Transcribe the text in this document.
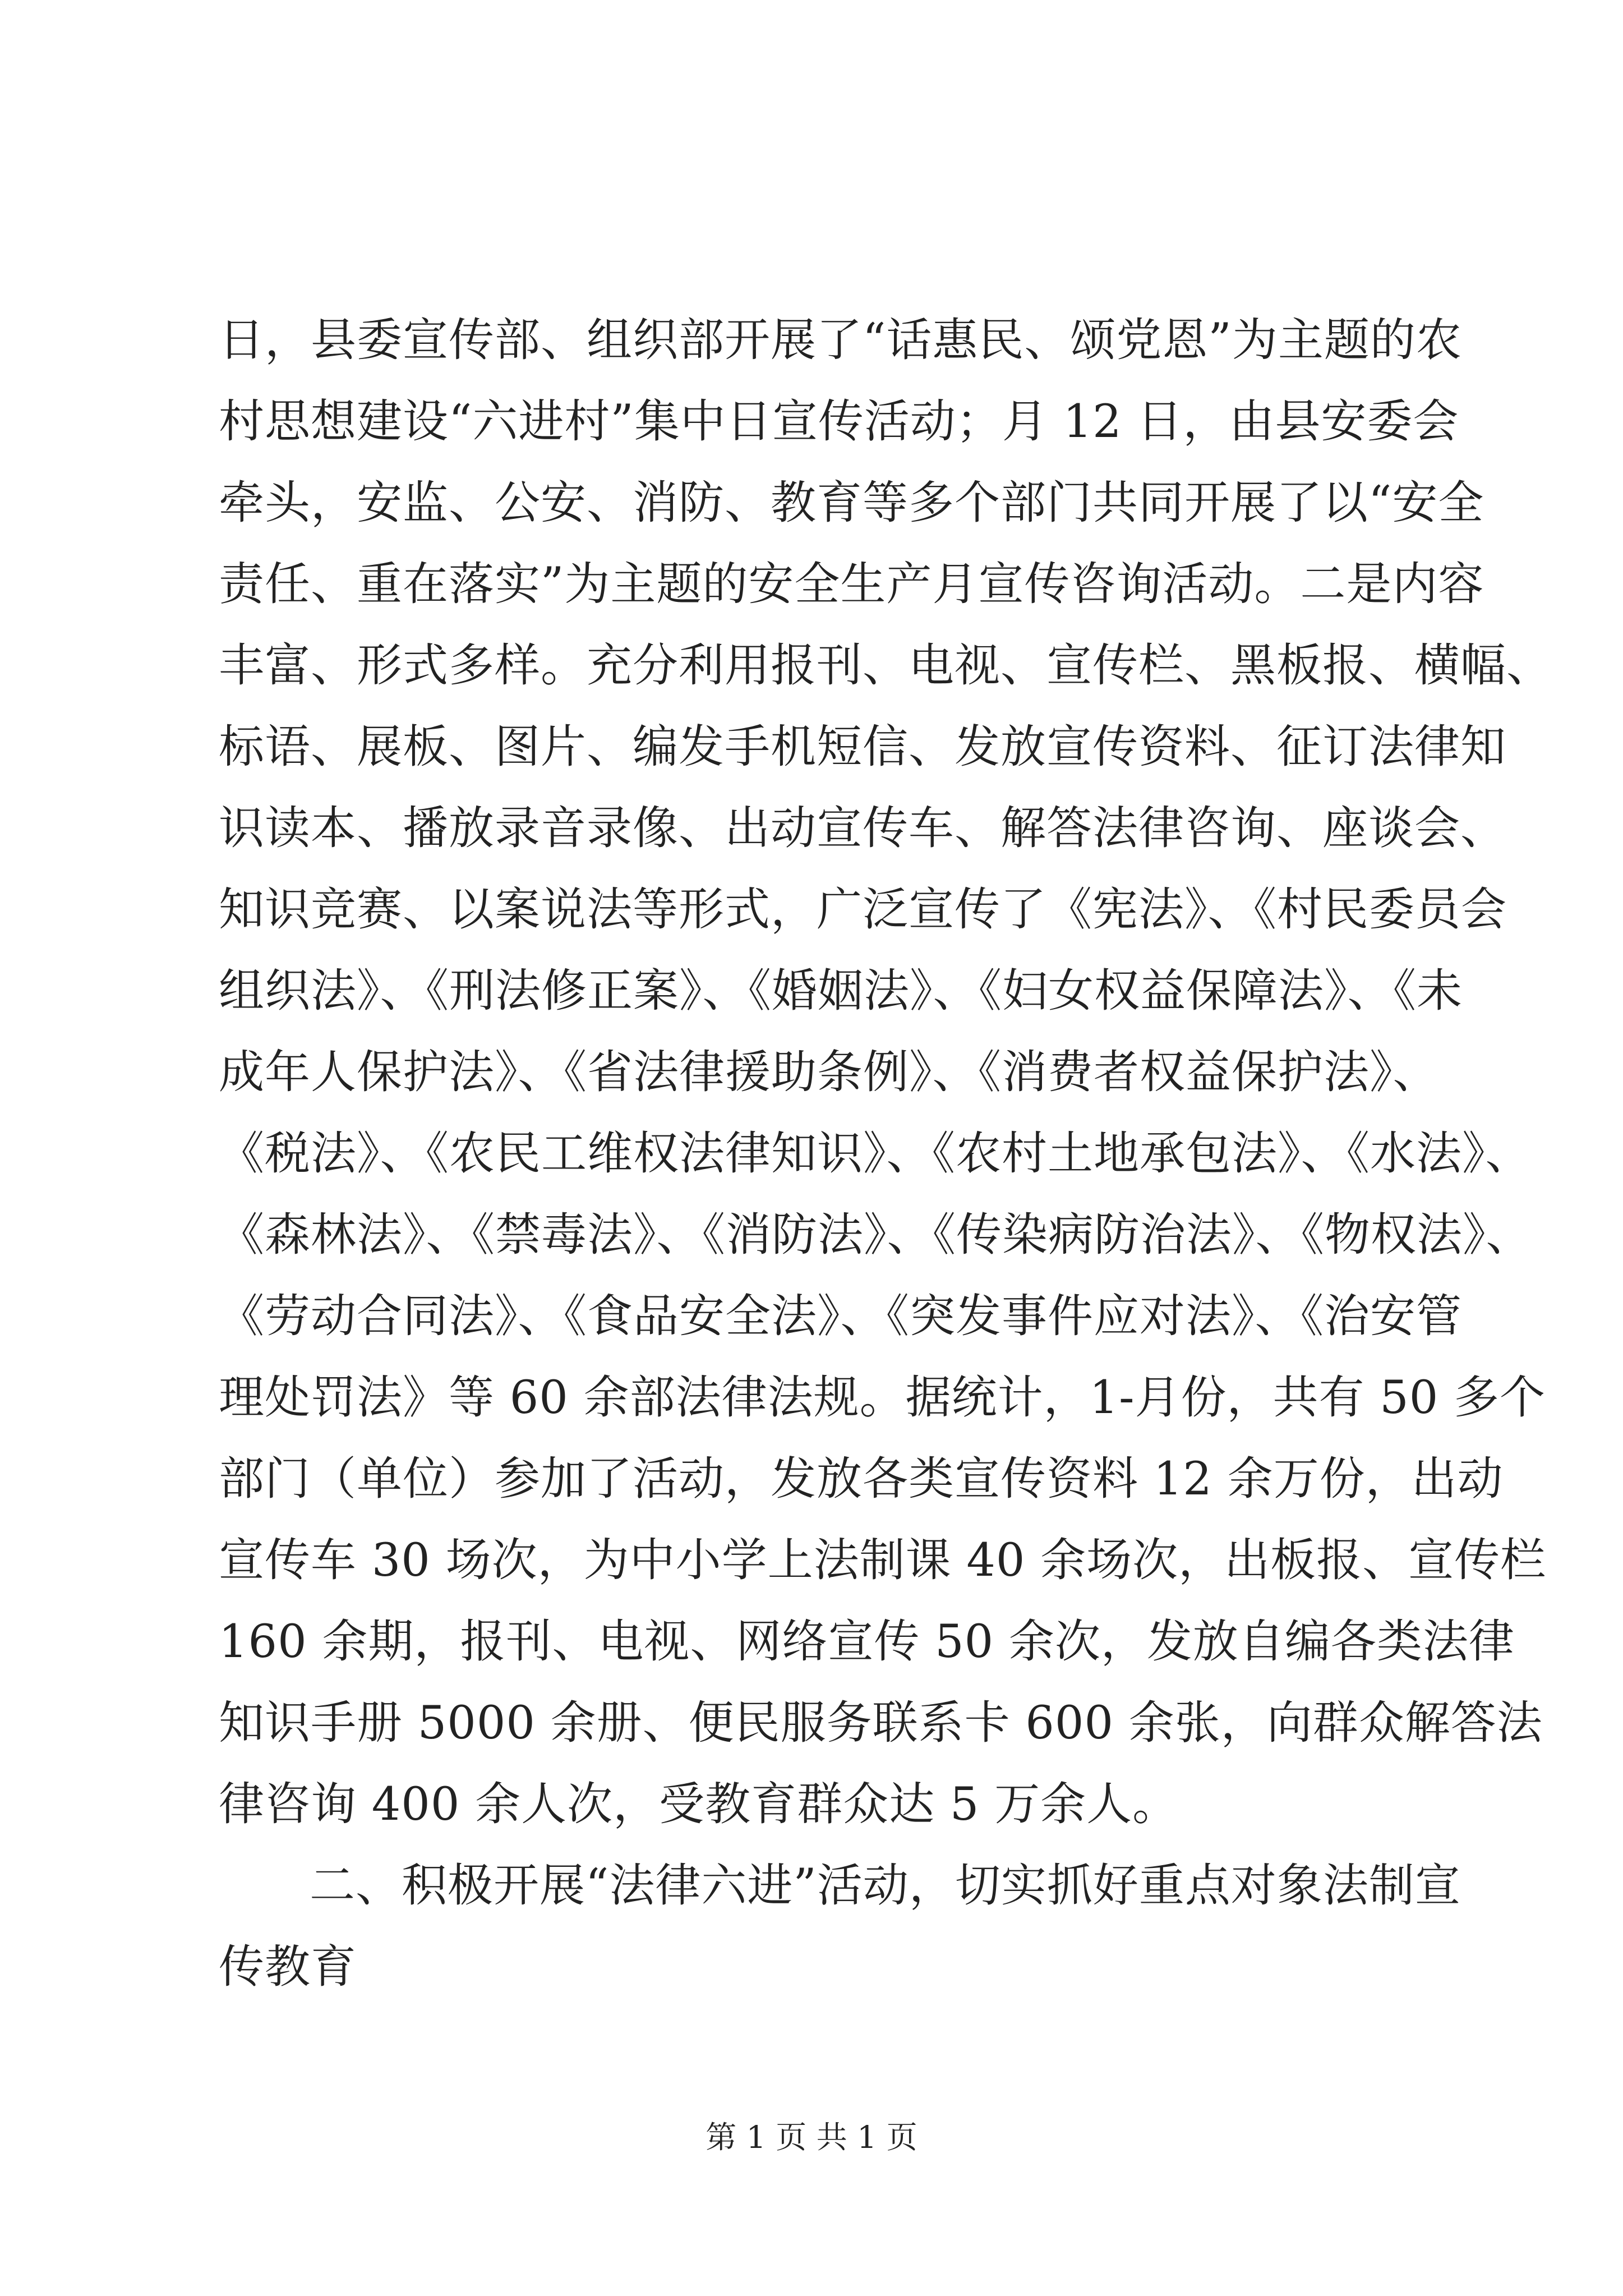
日，县委宣传部、组织部开展了“话惠民、颂党恩”为主题的农
村思想建设“六进村”集中日宣传活动；月 12 日，由县安委会
牵头，安监、公安、消防、教育等多个部门共同开展了以“安全
责任、重在落实”为主题的安全生产月宣传咨询活动。二是内容
丰富、形式多样。充分利用报刊、电视、宣传栏、黑板报、横幅、
标语、展板、图片、编发手机短信、发放宣传资料、征订法律知
识读本、播放录音录像、出动宣传车、解答法律咨询、座谈会、
知识竞赛、以案说法等形式，广泛宣传了《宪法》、《村民委员会
组织法》、《刑法修正案》、《婚姻法》、《妇女权益保障法》、《未
成年人保护法》、《省法律援助条例》、《消费者权益保护法》、
《税法》、《农民工维权法律知识》、《农村土地承包法》、《水法》、
《森林法》、《禁毒法》、《消防法》、《传染病防治法》、《物权法》、
《劳动合同法》、《食品安全法》、《突发事件应对法》、《治安管
理处罚法》等 60 余部法律法规。据统计，1-月份，共有 50 多个
部门（单位）参加了活动，发放各类宣传资料 12 余万份，出动
宣传车 30 场次，为中小学上法制课 40 余场次，出板报、宣传栏
160 余期，报刊、电视、网络宣传 50 余次，发放自编各类法律
知识手册 5000 余册、便民服务联系卡 600 余张，向群众解答法
律咨询 400 余人次，受教育群众达 5 万余人。
二、积极开展“法律六进”活动，切实抓好重点对象法制宣
传教育
第 1 页 共 1 页
